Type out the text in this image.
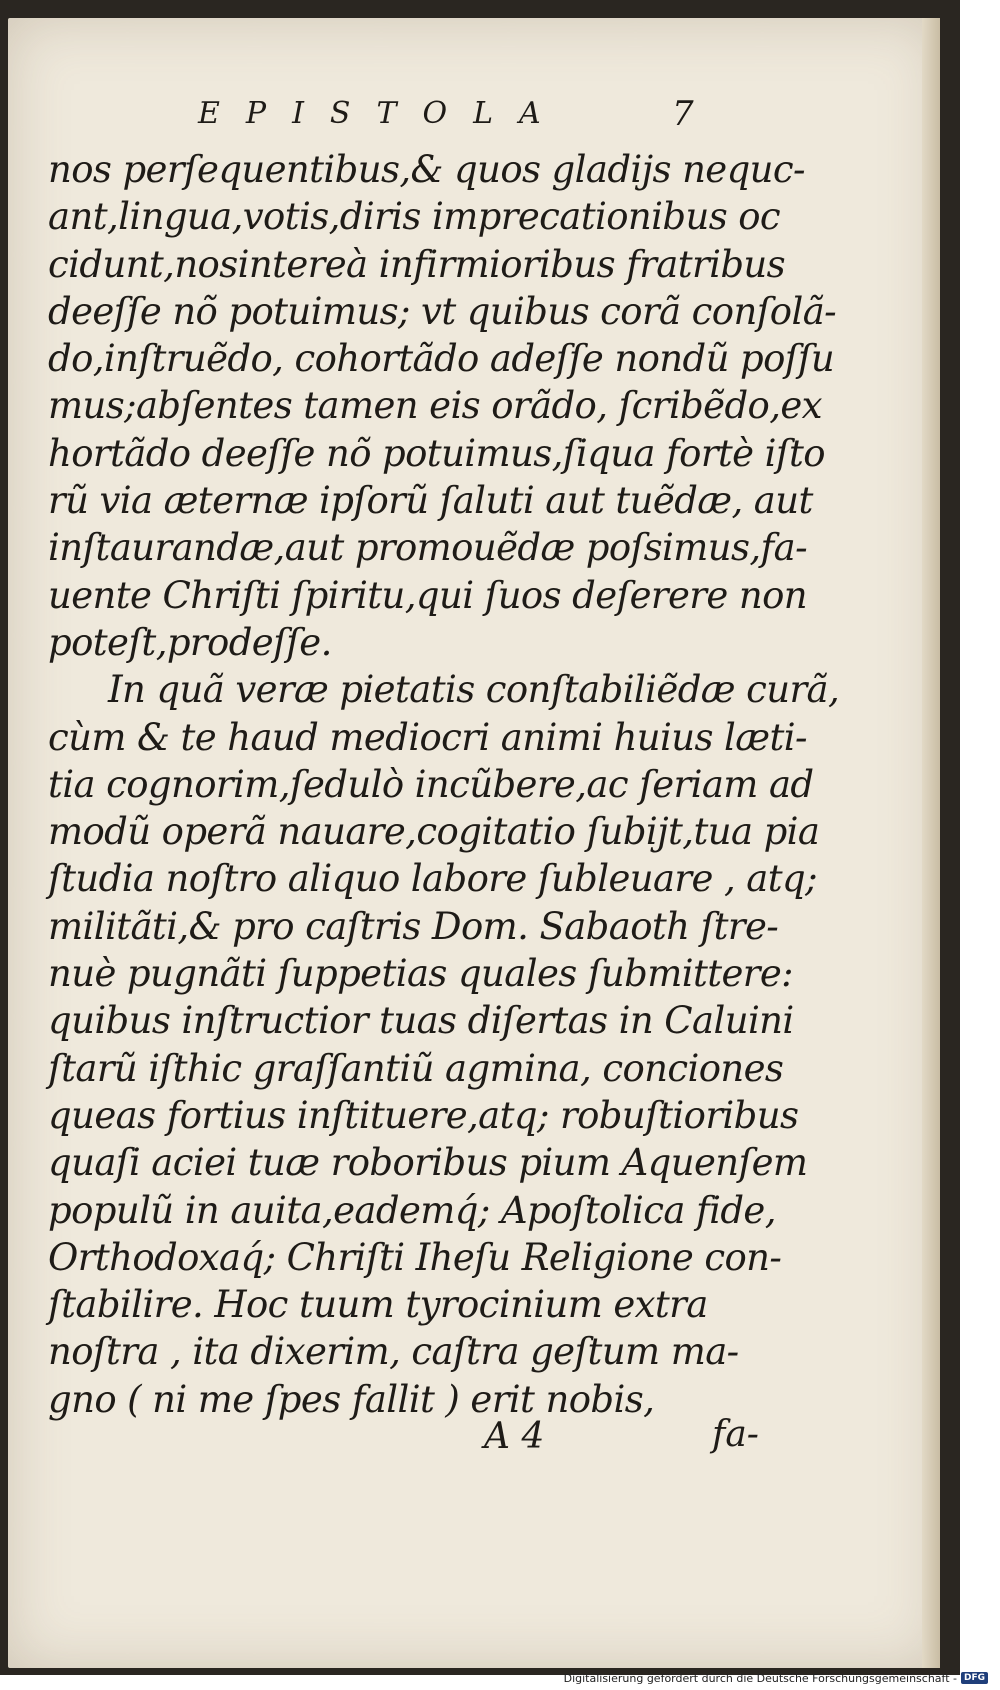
EPISTOLA	7
nos perſequentibus,& quos gladijs nequc-
ant,lingua,votis,diris imprecationibus oc
cidunt,nosintereà infirmioribus fratribus
deeſſe nõ potuimus; vt quibus corã conſolã-
do,inſtruẽdo, cohortãdo adeſſe nondũ poſſu
mus;abſentes tamen eis orãdo, ſcribẽdo,ex
hortãdo deeſſe nõ potuimus,ſiqua fortè iſto
rũ via æternæ ipſorũ ſaluti aut tuẽdæ, aut
inſtaurandæ,aut promouẽdæ poſsimus,fa-
uente Chriſti ſpiritu,qui ſuos deſerere non
poteſt,prodeſſe.
In quã veræ pietatis conſtabiliẽdæ curã,
cùm & te haud mediocri animi huius læti-
tia cognorim,ſedulò incũbere,ac ſeriam ad
modũ operã nauare,cogitatio ſubijt,tua pia
ſtudia noſtro aliquo labore ſubleuare , atq;
militãti,& pro caſtris Dom. Sabaoth ſtre-
nuè pugnãti ſuppetias quales ſubmittere:
quibus inſtructior tuas diſertas in Caluini
ſtarũ iſthic graſſantiũ agmina, conciones
queas fortius inſtituere,atq; robuſtioribus
quaſi aciei tuæ roboribus pium Aquenſem
populũ in auita,eademq́; Apoſtolica fide,
Orthodoxaq́; Chriſti Iheſu Religione con-
ſtabilire. Hoc tuum tyrocinium extra
noſtra , ita dixerim, caſtra geſtum ma-
gno ( ni me ſpes fallit ) erit nobis,
A 4	fa-
Digitalisierung gefördert durch die Deutsche Forschungsgemeinschaft - DFG
